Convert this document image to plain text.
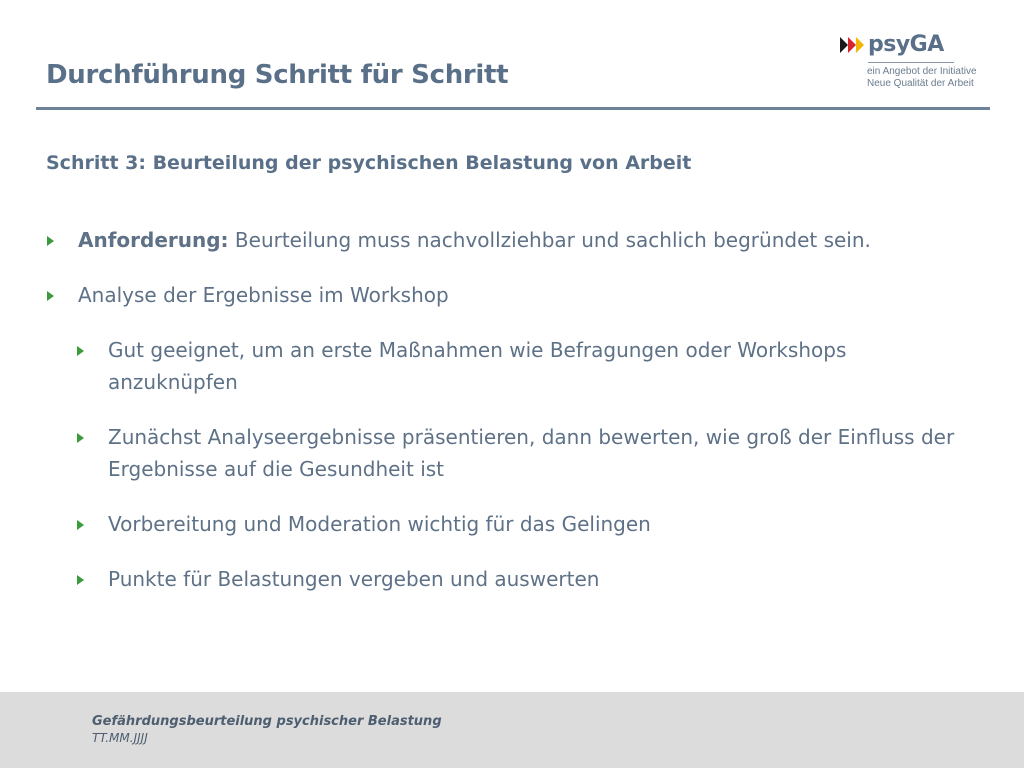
Durchführung Schritt für Schritt
psyGA
ein Angebot der Initiative
Neue Qualität der Arbeit
Schritt 3: Beurteilung der psychischen Belastung von Arbeit
Anforderung: Beurteilung muss nachvollziehbar und sachlich begründet sein.
Analyse der Ergebnisse im Workshop
Gut geeignet, um an erste Maßnahmen wie Befragungen oder Workshops anzuknüpfen
Zunächst Analyseergebnisse präsentieren, dann bewerten, wie groß der Einfluss der Ergebnisse auf die Gesundheit ist
Vorbereitung und Moderation wichtig für das Gelingen
Punkte für Belastungen vergeben und auswerten
Gefährdungsbeurteilung psychischer Belastung
TT.MM.JJJJ
